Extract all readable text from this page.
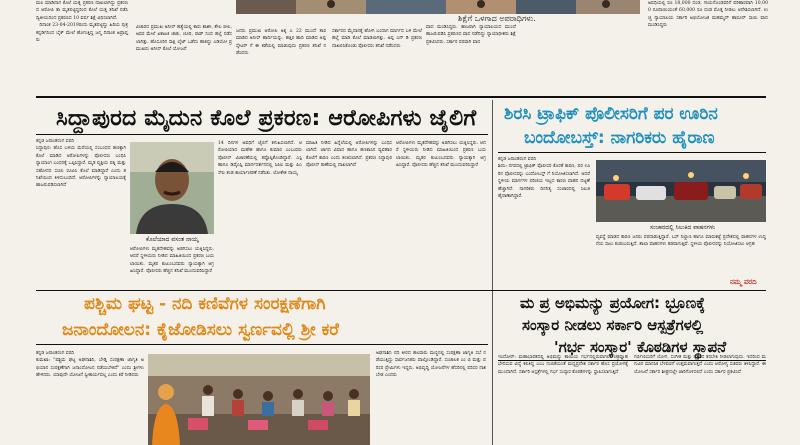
ಶಿಕ್ಷೆಗೆ ಒಳಗಾದ ಅಪರಾಧಿಗಳು.

ಮಲ ಮಾಡಿದಾಗ ಕೊಲೆ ಯತ್ನ ಪ್ರಕರಣ ದಾಖಲಾಗಿದ್ದು ಪ್ರಕರಣದ ಆರೋಪಿ ತಾ ಮೃತಪಟ್ಟಿದ್ದರಿಂದ ಕೊಲೆ ಯತ್ನ ತನಿಖೆ ನಡೆಸಿ ದ್ವಿತೀಯದಿಂದ ಪ್ರಕರಣದ 10 ವರ್ಷ ಶಿಕ್ಷೆ ವಿಧಿಸಲಾಗಿದೆ.
ದಿನಾಂಕ 23-04-2019ರಂದು ಮೃತಪಟ್ಟಿದ್ದು ಹಿರಿಯ ಪುತ್ರ ಕನ್ನಡಿಗನಿಂದ ಬೈಕ್ ಮೇಲೆ ಹೊಗುತ್ತಿದ್ದ ಜನ್ಮ ದಿನಾಂಕ ಅಪ್ರಾಪ್ತರು

ವಿಚಾರದ ಪ್ರಮುಖ ಅನೀಸ್ ಹತ್ಯೆಯಲ್ಲಿ ಕಾರು ಶಾಖೀ, ಶೇಲ ಬೀಲ, ಅವರ ಮೇಲೆ ಏಕಾಏಕಿ ಚಾಕು, ಚೂರಿ, ರಾಡ್ ನಿಂದ ಹಲ್ಲೆ ನಡೆಸಲಾಗಿತ್ತು. ಹೊಸೂರಿನ ಸಾಕ್ಷಿ ಲೈಟ್ ಒಡೆದು ಹಾಕಿದ್ದು ಎಡಿಯೋ ಪ್ರಮುಖರು ಅನೀಸ್ ಕೊಲೆ ಯೋಜನೆ

ಜನರು ಪ್ರಮುಖ ಆರೋಪಿ ಅಕ್ಕ ಎ 22 ಮುಂದೆ ತಾರ ಮಾಡಿದ ಅನೀಸ್ ಹಾರ್ದಿಯನ್ನು. ಹತ್ತಿರ ಹಾದಿ ಮಾಡಿದ ಅಪ್ಪ ಸ್ಕೇಟರ್ ಗೆ ಈ ಕಡೆಯಲ್ಲಿ ಮಾಡುವುದು ಪ್ರಕರಣ ತನಿಖೆ ನಡೆಸಿದರು

ಸರ್ಕಾರದ ಮೈದಾನಕ್ಕೆ ಹೋಗಿ ಬಂದಾಗ ಮಾರ್ಗದ ಬಳಿ ಮೇಲೆ ಹಲ್ಲೆ ಮಾಡಿ ಕೊಲೆ ಮಾಡಲಾಗಿತ್ತು. ಅಪ್ಪ ಎನ್ ಡಿ ಪ್ರಕರಣ ದಾಖಲಿಸಿಕೊಂಡು ಪೊಲೀಸರು ತನಿಖೆ ನಡೆಸಿದರು

ವಾದ ಮಂಡಿಸಿದ್ದರು. ಹಾಜರಾಗಿ ನ್ಯಾಯಾಲಯದ ಮುಂದೆ ಹಾಜರುಪಡಿಸಿ ಪ್ರಕರಣದ ವಾದ ನಡೆದಿದ್ದು ನ್ಯಾಯಾಧೀಶರು ಶಿಕ್ಷೆ ಪ್ರಕಟಿಸಿದರು. ಸರ್ಕಾರ ಪರವಾಗಿ ವಾದ

ಅವಧಿಯಲ್ಲಿ ರೂ 18,000 ದಂಡ, ಗಾಯಗೊಂಡವರಿಗೆ ಪರಿಹಾರವಾಗಿ 10,000 ರೂಪಾಯಿಯಂತೆ 60,000 ರೂ ದಂಡ ಮೊತ್ತ ನೀಡಲು ಆದೇಶಿಸಲಾಗಿದೆ. ಉಚ್ಚ ನ್ಯಾಯಾಲಯ ಸರ್ಕಾರಿ ಅಭಿಯೋಜಕ ಮಹಮ್ಮದ್ ಹಾರೂನ್ ಸಾಯಿ ವಾದ ಮಂಡಿಸಿದ್ದರು

ಸಿದ್ದಾಪುರದ ಮೈದುನ ಕೊಲೆ ಪ್ರಕರಣ: ಆರೋಪಿಗಳು ಜೈಲಿಗೆ

ಕನ್ನಡ ಜನಾಂತರಂಗ ವರದಿ
ಸಿದ್ದಾಪುರ: ಹೊಸ ಬಳಿಯ ಮನೆಯಲ್ಲಿ ಸಂಬಂಧದ ಹಣಕ್ಕಾಗಿ ಕೊಲೆ ಮಾಡಿದ ಆರೋಪಿಗಳನ್ನು ಪೊಲೀಸರು ಬಂಧಿಸಿ ನ್ಯಾಯಾಂಗ ಬಂಧನಕ್ಕೆ ಒಪ್ಪಿಸಿದ್ದಾರೆ. ಮೃತ ವ್ಯಕ್ತಿಯ ಪತ್ನಿ ಮತ್ತು ಸಹೋದರ ಸಂಚು ರೂಪಿಸಿ ಕೊಲೆ ಮಾಡಿದ್ದಾರೆ ಎಂದು ತನಿಖೆಯಿಂದ ತಿಳಿದುಬಂದಿದೆ. ಆರೋಪಿಗಳನ್ನು ನ್ಯಾಯಾಲಯಕ್ಕೆ ಹಾಜರುಪಡಿಸಲಾಗಿದೆ

ಕೊಲೆಯಾದ ವಸಂತ ನಾಯ್ಕ

ಆರೋಪಿಗಳು ಮೃತದೇಹವನ್ನು ಅಡಗಿಸಲು ಯತ್ನಿಸಿದ್ದರು. ಆದರೆ ಸ್ಥಳೀಯರು ನೀಡಿದ ಮಾಹಿತಿಯಿಂದ ಪ್ರಕರಣ ಬಯಲಾಯಿತು. ಮೃತರ ಕುಟುಂಬದವರು ನ್ಯಾಯಕ್ಕಾಗಿ ಆಗ್ರಹಿಸಿದ್ದಾರೆ. ಪೊಲೀಸರು ಹೆಚ್ಚಿನ ತನಿಖೆ ಮುಂದುವರಿಸಿದ್ದಾರೆ

14 ದಿನಗಳ ಅವಧಿಗೆ ಜೈಲಿಗೆ ಕಳುಹಿಸಲಾಗಿದೆ. ಆರೋಪಿಯಾದ ಮಹೇಶ ಹಾಗೂ ಕುಮಾರ ಎಂಬುವರು ಪೊಲೀಸ್ ವಿಚಾರಣೆಯಲ್ಲಿ ತಪ್ಪೊಪ್ಪಿಕೊಂಡಿದ್ದಾರೆ. ಎಸ್ಪಿ ಹಾಗೂ ಡಿವೈಎಸ್ಪಿ ಮಾರ್ಗದರ್ಶನದಲ್ಲಿ ಸಿಪಿಐ ಮತ್ತು ಪಿಎಸ್ಐ ತಂಡ ಕಾರ್ಯಾಚರಣೆ ನಡೆಸಿತು. ಲೋಕೇಶ ನಾಯ್ಕ

ಮಾಹಿತಿ ನೀಡಿದ ಹಿನ್ನೆಲೆಯಲ್ಲಿ ಆರೋಪಿಗಳನ್ನು ಬಂಧಿಸಲಾಗಿದೆ. ಜಾಗದ ವಿವಾದ ಹಾಗೂ ಹಣಕಾಸಿನ ವ್ಯವಹಾರ ಕೊಲೆಗೆ ಕಾರಣ ಎಂದು ಶಂಕಿಸಲಾಗಿದೆ. ಪ್ರಕರಣ ಸಿದ್ದಾಪುರ ಪೊಲೀಸ್ ಠಾಣೆಯಲ್ಲಿ ದಾಖಲಾಗಿದೆ

ಆರೋಪಿಗಳು ಮೃತದೇಹವನ್ನು ಅಡಗಿಸಲು ಯತ್ನಿಸಿದ್ದರು. ಆದರೆ ಸ್ಥಳೀಯರು ನೀಡಿದ ಮಾಹಿತಿಯಿಂದ ಪ್ರಕರಣ ಬಯಲಾಯಿತು. ಮೃತರ ಕುಟುಂಬದವರು ನ್ಯಾಯಕ್ಕಾಗಿ ಆಗ್ರಹಿಸಿದ್ದಾರೆ. ಪೊಲೀಸರು ಹೆಚ್ಚಿನ ತನಿಖೆ ಮುಂದುವರಿಸಿದ್ದಾರೆ

ಶಿರಸಿ ಟ್ರಾಫಿಕ್ ಪೊಲೀಸರಿಗೆ ಪರ ಊರಿನ
ಬಂದೋಬಸ್ತ್: ನಾಗರಿಕರು ಹೈರಾಣ

ಕನ್ನಡ ಜನಾಂತರಂಗ ವರದಿ
ಶಿರಸಿ: ನಗರದಲ್ಲಿ ಟ್ರಾಫಿಕ್ ಪೊಲೀಸರ ಕೊರತೆ ಕಾರಣ, ಪರ ಊರಿನ ಪೊಲೀಸರನ್ನು ಬಂದೋಬಸ್ತ್ ಗೆ ನಿಯೋಜಿಸಲಾಗಿದೆ. ಆದರೆ ಸ್ಥಳೀಯ ಮಾರ್ಗಗಳ ಪರಿಚಯ ಇಲ್ಲದ ಕಾರಣ ವಾಹನ ದಟ್ಟಣೆ ಹೆಚ್ಚಾಗಿದೆ. ನಾಗರಿಕರು ದಿನನಿತ್ಯ ಸಂಚಾರದಲ್ಲಿ ಸಿಲುಕಿ ಹೈರಾಣಾಗಿದ್ದಾರೆ.

ಸಂಚಾರದಲ್ಲಿ ಸಿಲುಕಿದ ವಾಹನಗಳು

ವ್ಯವಸ್ಥೆ ಮಾಡದ ಕಾರಣ ಜನರು ಪರದಾಡುತ್ತಿದ್ದಾರೆ. ಬಸ್ ನಿಲ್ದಾಣ ಹಾಗೂ ಮಾರುಕಟ್ಟೆ ಪ್ರದೇಶದಲ್ಲಿ ವಾಹನಗಳ ಉದ್ದನೆಯ ಸಾಲು ಕಂಡುಬರುತ್ತಿದೆ. ಶಾಲಾ ವಾಹನಗಳು ತಡವಾಗುತ್ತಿವೆ. ಸ್ಥಳೀಯ ಪೊಲೀಸರನ್ನು ನಿಯೋಜಿಸಲು ಆಗ್ರಹ

ನಮ್ಮ ವರದಿ
ಪಶ್ಚಿಮ ಘಟ್ಟ - ನದಿ ಕಣಿವೆಗಳ ಸಂರಕ್ಷಣೆಗಾಗಿ
ಜನಾಂದೋಲನ: ಕೈಜೋಡಿಸಲು ಸ್ವರ್ಣವಲ್ಲಿ ಶ್ರೀ ಕರೆ

ಕನ್ನಡ ಜನಾಂತರಂಗ ವರದಿ
ಕುಮಟಾ: "ಪಶ್ಚಿಮ ಘಟ್ಟ ಅಘನಾಶಿನಿ, ಬೇಡ್ತಿ ಸಂರಕ್ಷಣಾ ಜಾಗೃತಿ ಅಭಿಯಾನ ಸಂರಕ್ಷಣೆಗಾಗಿ ಜನಾಂದೋಲನ ನಡೆಯಬೇಕಿದೆ" ಎಂದು ಶ್ರೀಗಳು ಹೇಳಿದರು. ಯಾವುದೇ ಯೋಜನೆ ಸ್ವೀಕಾರ್ಯವಲ್ಲ ಎಂದು ಕರೆ ನೀಡಿದರು

ಅಘನಾಶಿನಿ ನದಿ ತೀರದ ಹಲವಾರು ಮಣ್ಣಿನಲ್ಲಿ ಸಂರಕ್ಷಣಾ ಜಾಗೃತಿ ಸಭೆ ನಡೆಯುತ್ತಿದ್ದು ಸಾರ್ವಜನಿಕರು ಪಾಲ್ಗೊಂಡಿದ್ದಾರೆ. ಸಂಚಾಲಕ ಎಂ ಬಿ ಮತ್ತು ಪರಿಸರ ಪ್ರೇಮಿಗಳು ಇದ್ದರು. ಅಭಿವೃದ್ಧಿ ಯೋಜನೆಗಳ ಹೆಸರಿನಲ್ಲಿ ಪರಿಸರ ನಾಶ ಬೇಡ ಎಂದರು

ಮ ಪ್ರ ಅಭಿಮನ್ಯು ಪ್ರಯೋಗ: ಭ್ರೂಣಕ್ಕೆ
ಸಂಸ್ಕಾರ ನೀಡಲು ಸರ್ಕಾರಿ ಆಸ್ಪತ್ರೆಗಳಲ್ಲಿ
'ಗರ್ಭ ಸಂಸ್ಕಾರ' ಕೊಠಡಿಗಳ ಸ್ಥಾಪನೆ

ಇಂದೋರ್: ಮಹಾಭಾರತದಲ್ಲಿ ಅಭಿಮನ್ಯು ತಾಯಿಯ ಗರ್ಭದಲ್ಲಿರುವಾಗಲೇ ಚಕ್ರವ್ಯೂಹ ಭೇದಿಸುವ ವಿದ್ಯೆ ಕಲಿತಿದ್ದ ಎಂಬ ನಂಬಿಕೆಯಂತೆ ಮಧ್ಯಪ್ರದೇಶ ಸರ್ಕಾರ ಹೊಸ ಪ್ರಯೋಗಕ್ಕೆ ಮುಂದಾಗಿದೆ. ಸರ್ಕಾರಿ ಆಸ್ಪತ್ರೆಗಳಲ್ಲಿ ಗರ್ಭ ಸಂಸ್ಕಾರ ಕೊಠಡಿಗಳನ್ನು ಸ್ಥಾಪಿಸಲಾಗುತ್ತಿದೆ

ಗರ್ಭಿಣಿಯರಿಗೆ ಯೋಗ, ಸಂಗೀತ ಮತ್ತು ಧ್ಯಾನದ ತರಬೇತಿ ನೀಡಲಾಗುವುದು. ಇದರಿಂದ ಮಗುವಿನ ಮಾನಸಿಕ ಬೆಳವಣಿಗೆ ಉತ್ತಮವಾಗುತ್ತದೆ ಎಂದು ಆರೋಗ್ಯ ಸಚಿವರು ತಿಳಿಸಿದ್ದಾರೆ. ಈ ಯೋಜನೆ ಸರ್ಕಾರ ಶೀಘ್ರದಲ್ಲೇ ಜಾರಿಗೊಳಿಸಲಿದೆ ಎಂದು ಸರ್ಕಾರ ಪ್ರಕಟಿಸಿದೆ
